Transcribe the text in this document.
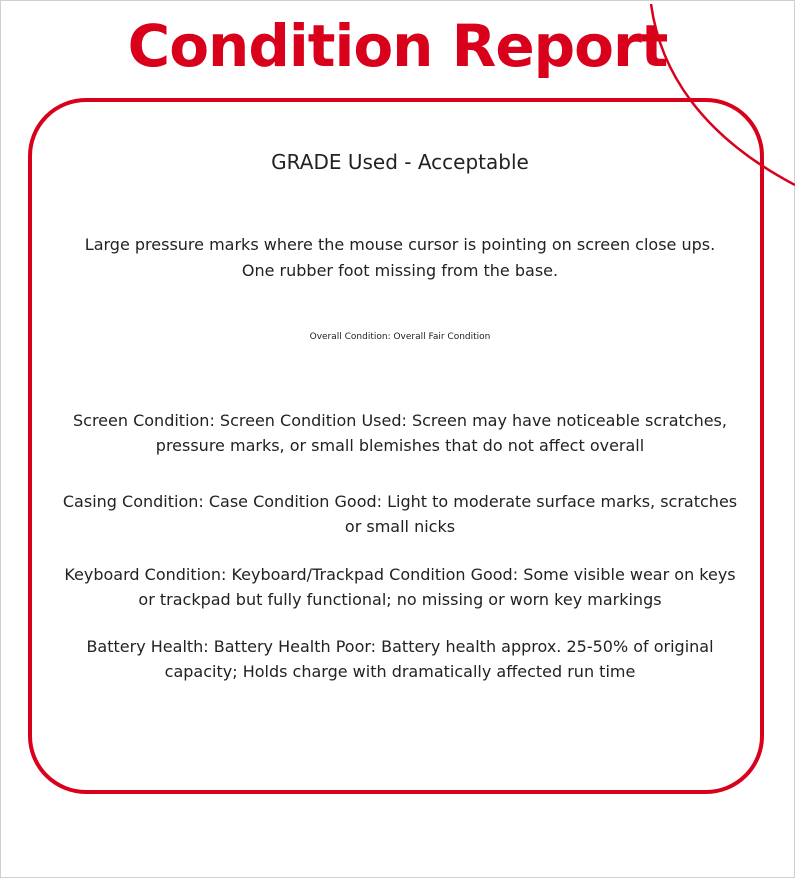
Condition Report

GRADE Used - Acceptable

Large pressure marks where the mouse cursor is pointing on screen close ups. One rubber foot missing from the base.

Overall Condition: Overall Fair Condition

Screen Condition: Screen Condition Used: Screen may have noticeable scratches, pressure marks, or small blemishes that do not affect overall

Casing Condition: Case Condition Good: Light to moderate surface marks, scratches or small nicks

Keyboard Condition: Keyboard/Trackpad Condition Good: Some visible wear on keys or trackpad but fully functional; no missing or worn key markings

Battery Health: Battery Health Poor: Battery health approx. 25-50% of original capacity; Holds charge with dramatically affected run time
